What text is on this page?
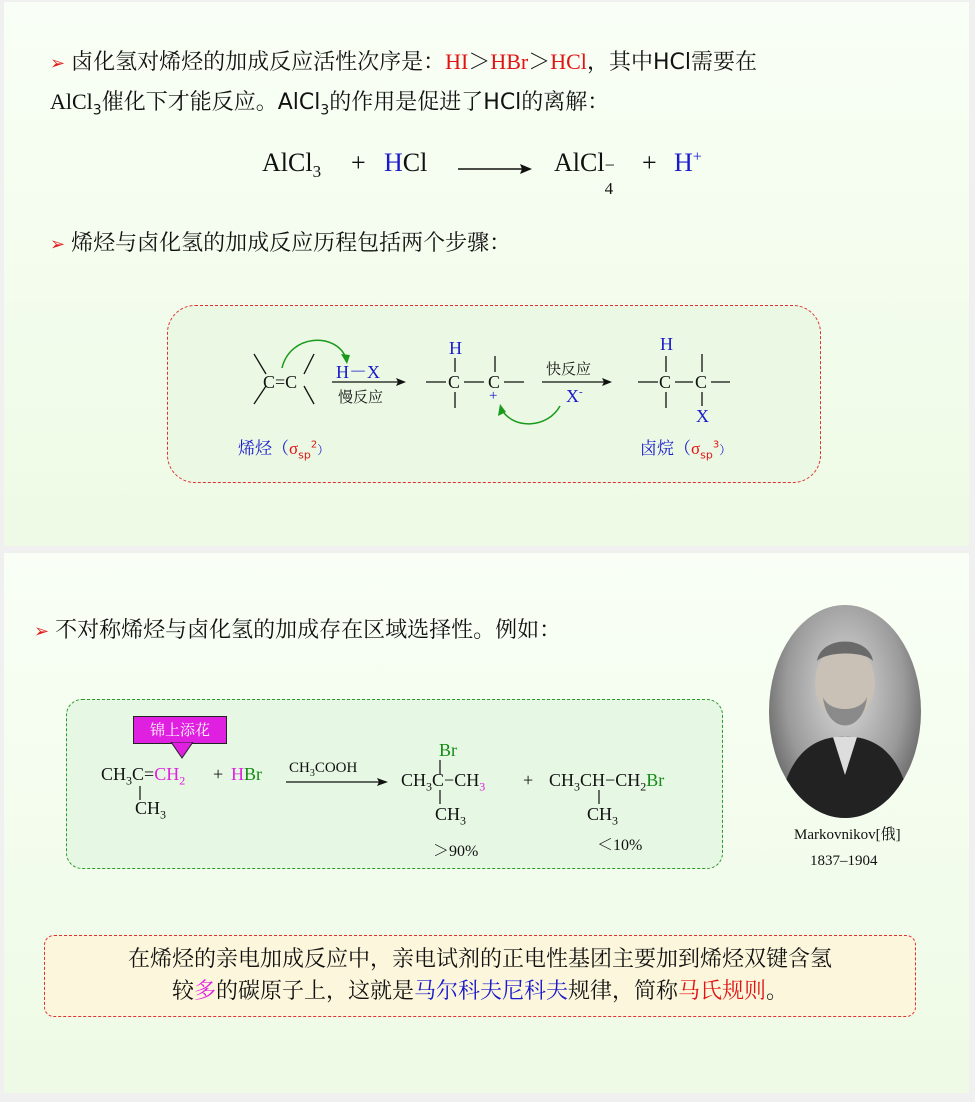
➢ 卤化氢对烯烃的加成反应活性次序是：HI＞HBr＞HCl，其中HCl需要在
AlCl$_3$催化下才能反应。AlCl$_3$的作用是促进了HCl的离解：
AlCl$_3$ + HCl	AlCl −
4
+ H+
➢ 烯烃与卤化氢的加成反应历程包括两个步骤：
C=C H－X
慢反应
H
C C
+
快反应
X-
H
C C
X
烯烃$(\sigma_{sp}^2)$	卤烷$(\sigma_{sp}^3)$
➢ 不对称烯烃与卤化氢的加成存在区域选择性。例如：
锦上添花
$CH_3C=CH_2$
$CH_3$
+ HBr $CH_3COOH$
Br
$CH_3C-CH_3$
$CH_3$
＞90%
+ $CH_3CH-CH_2Br$
$CH_3$
＜10%
Markovnikov[俄]
1837–1904
在烯烃的亲电加成反应中，亲电试剂的正电性基团主要加到烯烃双键含氢
较多的碳原子上，这就是马尔科夫尼科夫规律，简称马氏规则。
